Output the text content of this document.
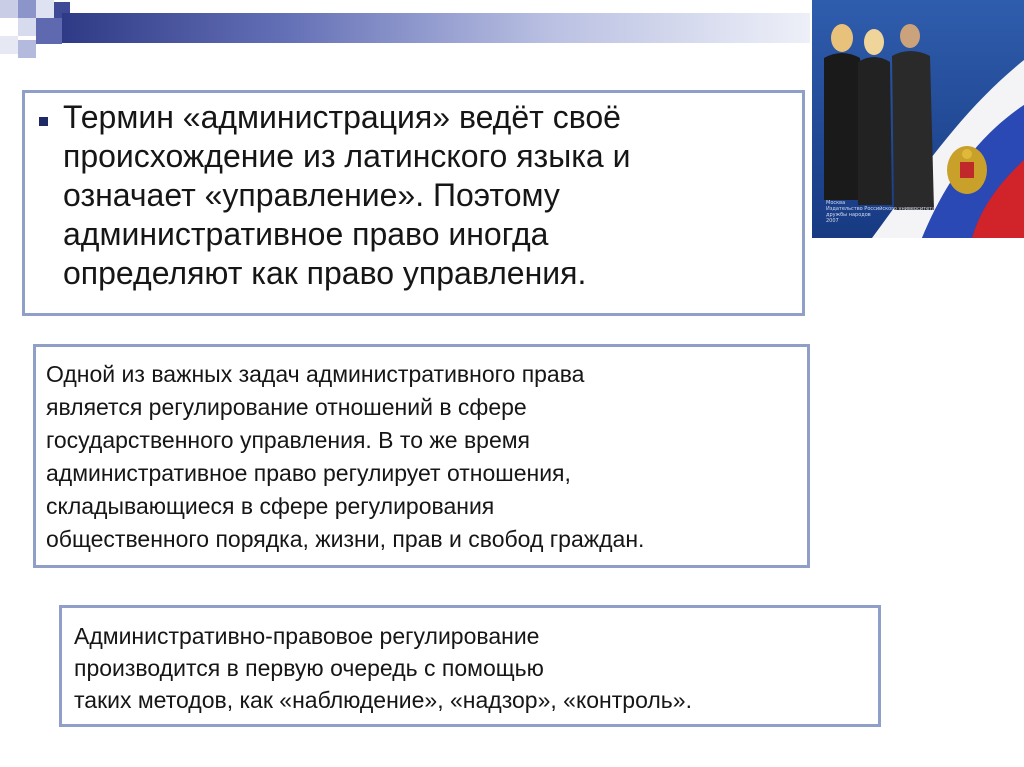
Москва
Издательство Российского университета
дружбы народов
2007
Термин «администрация» ведёт своё
происхождение из латинского языка и
означает «управление». Поэтому
административное право иногда
определяют как право управления.
Одной из важных задач административного права
является регулирование отношений в сфере
государственного управления. В то же время
административное право регулирует отношения,
складывающиеся в сфере регулирования
общественного порядка, жизни, прав и свобод граждан.
Административно-правовое регулирование
производится в первую очередь с помощью
таких методов, как «наблюдение», «надзор», «контроль».
